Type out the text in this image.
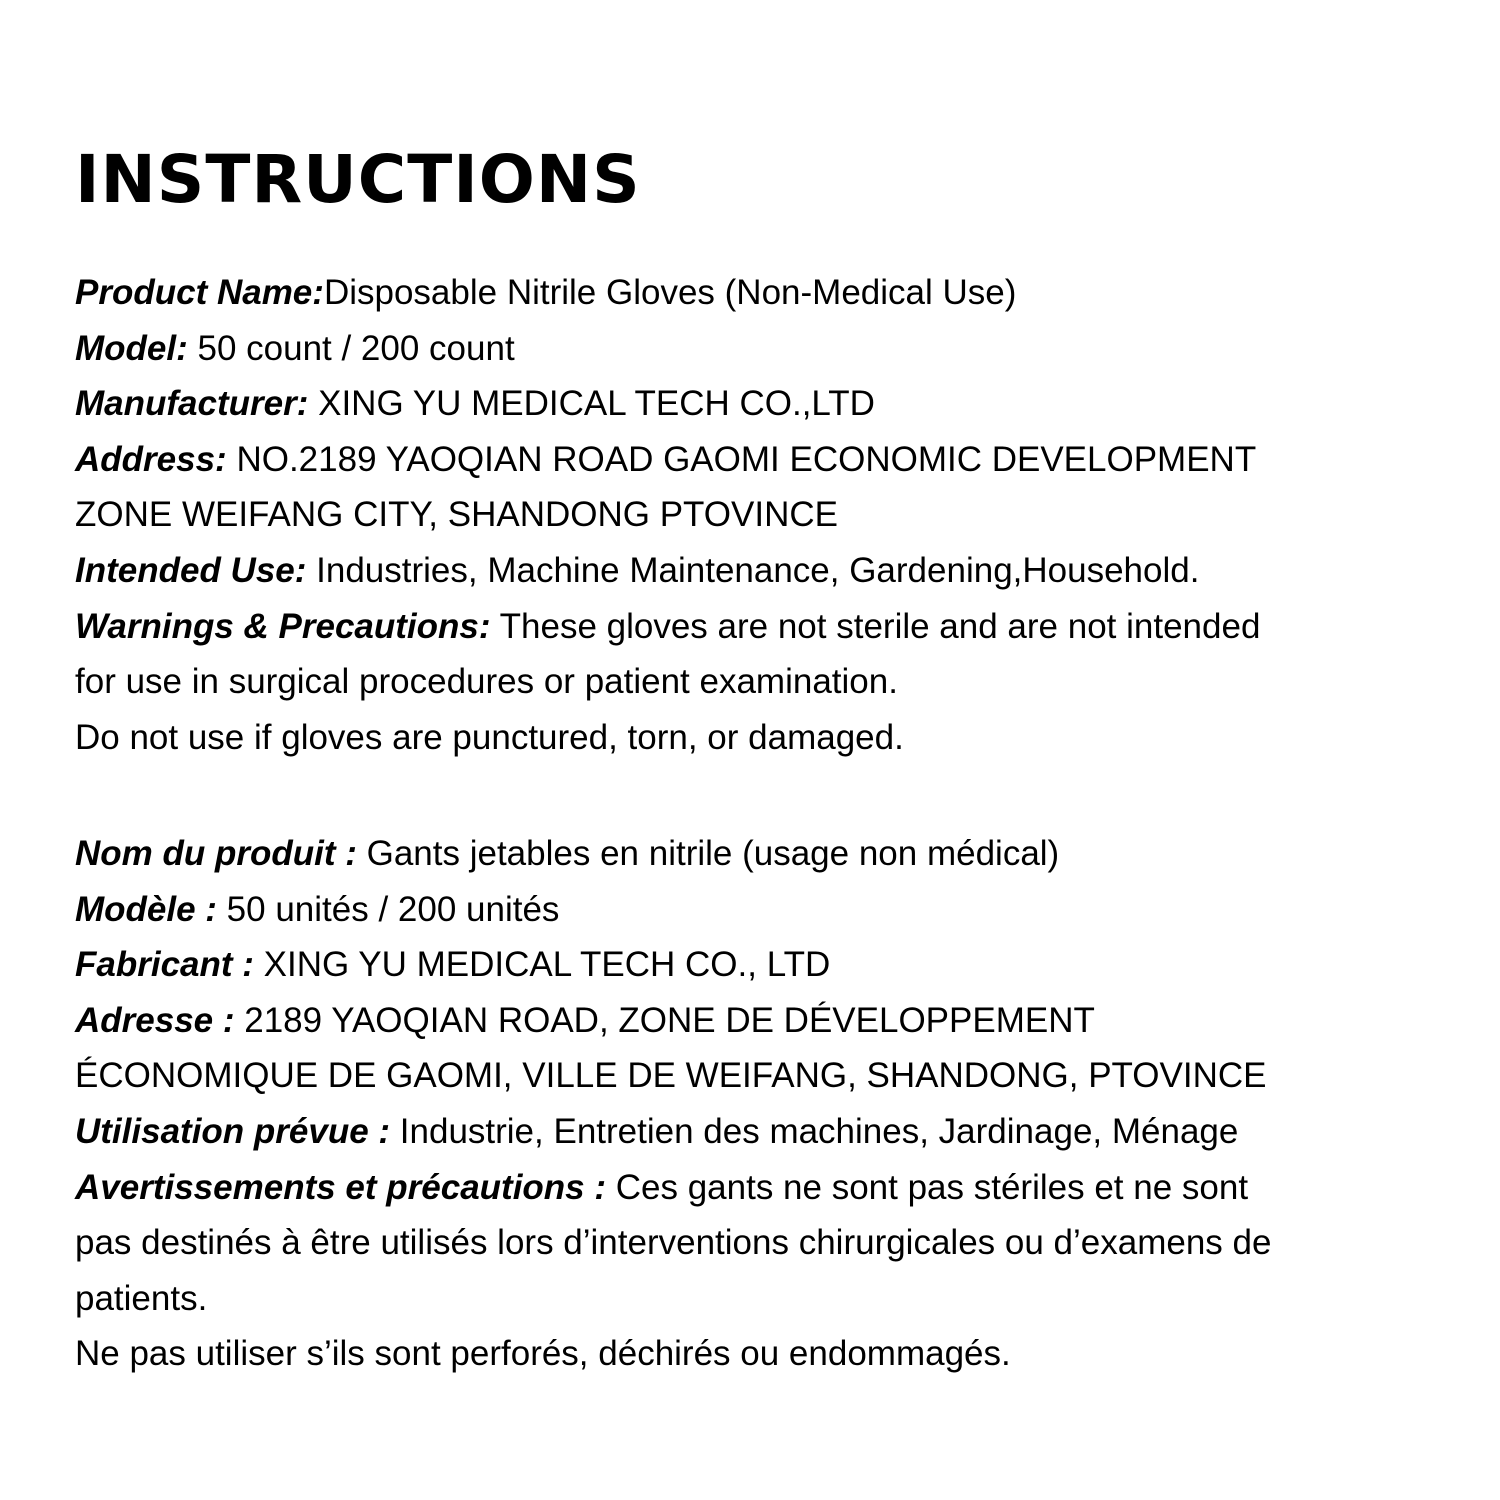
INSTRUCTIONS
Product Name:Disposable Nitrile Gloves (Non-Medical Use)
Model: 50 count / 200 count
Manufacturer: XING YU MEDICAL TECH CO.,LTD
Address: NO.2189 YAOQIAN ROAD GAOMI ECONOMIC DEVELOPMENT
ZONE WEIFANG CITY, SHANDONG PTOVINCE
Intended Use: Industries, Machine Maintenance, Gardening,Household.
Warnings & Precautions: These gloves are not sterile and are not intended
for use in surgical procedures or patient examination.
Do not use if gloves are punctured, torn, or damaged.
Nom du produit : Gants jetables en nitrile (usage non médical)
Modèle : 50 unités / 200 unités
Fabricant : XING YU MEDICAL TECH CO., LTD
Adresse : 2189 YAOQIAN ROAD, ZONE DE DÉVELOPPEMENT
ÉCONOMIQUE DE GAOMI, VILLE DE WEIFANG, SHANDONG, PTOVINCE
Utilisation prévue : Industrie, Entretien des machines, Jardinage, Ménage
Avertissements et précautions : Ces gants ne sont pas stériles et ne sont
pas destinés à être utilisés lors d’interventions chirurgicales ou d’examens de
patients.
Ne pas utiliser s’ils sont perforés, déchirés ou endommagés.
